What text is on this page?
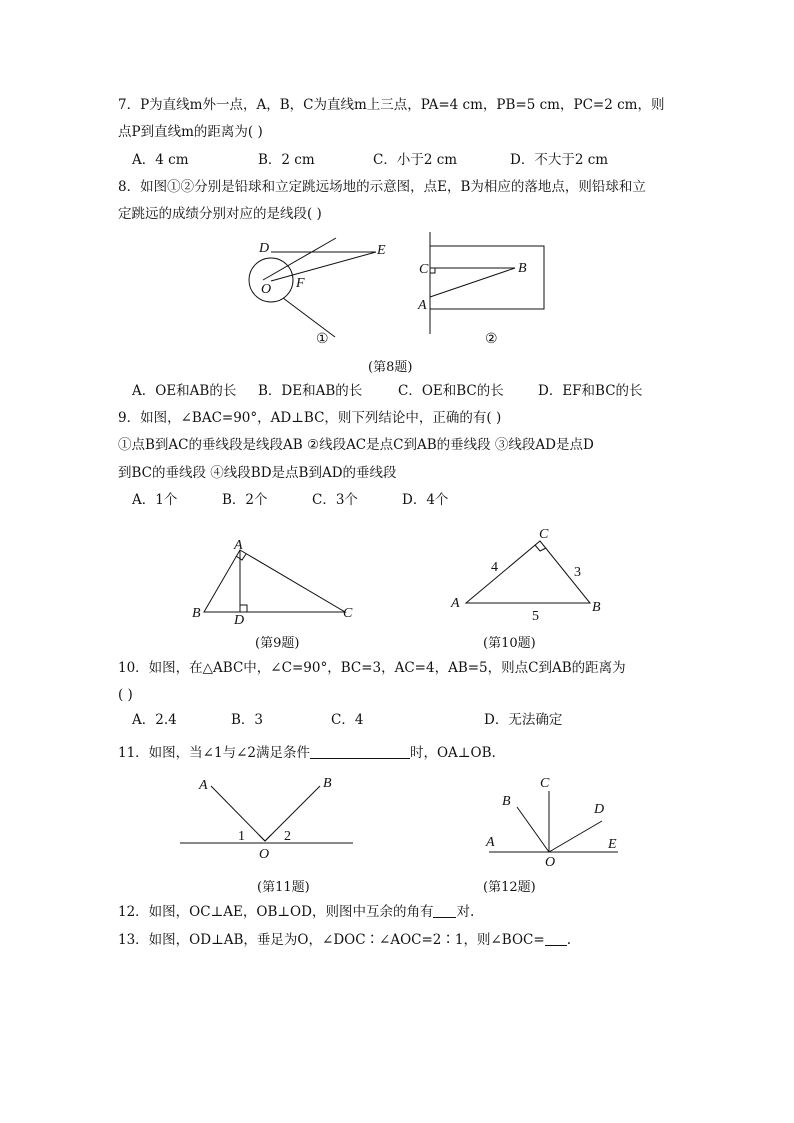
7．P为直线m外一点，A，B，C为直线m上三点，PA=4 cm，PB=5 cm，PC=2 cm，则
点P到直线m的距离为( )
A．4 cm	B．2 cm	C．小于2 cm	D．不大于2 cm
8．如图①②分别是铅球和立定跳远场地的示意图，点E，B为相应的落地点，则铅球和立
定跳远的成绩分别对应的是线段( )
D	E
O F
①
C	B
A
②
A
B	C
D
C
A	B
4	3
5
A	B
O
1	2
C
B
D
A	E
O
(第8题)
A．OE和AB的长 B．DE和AB的长	C．OE和BC的长	D．EF和BC的长
9．如图，∠BAC=90°，AD⊥BC，则下列结论中，正确的有( )
①点B到AC的垂线段是线段AB ②线段AC是点C到AB的垂线段 ③线段AD是点D
到BC的垂线段 ④线段BD是点B到AD的垂线段
A．1个	B．2个	C．3个	D．4个
(第9题)	(第10题)
10．如图，在△ABC中，∠C=90°，BC=3，AC=4，AB=5，则点C到AB的距离为
( )
A．2.4	B．3	C．4	D．无法确定
11．如图，当∠1与∠2满足条件	时，OA⊥OB.
(第11题)	(第12题)
12．如图，OC⊥AE，OB⊥OD，则图中互余的角有 对.
13．如图，OD⊥AB，垂足为O，∠DOC∶∠AOC=2∶1，则∠BOC= .
